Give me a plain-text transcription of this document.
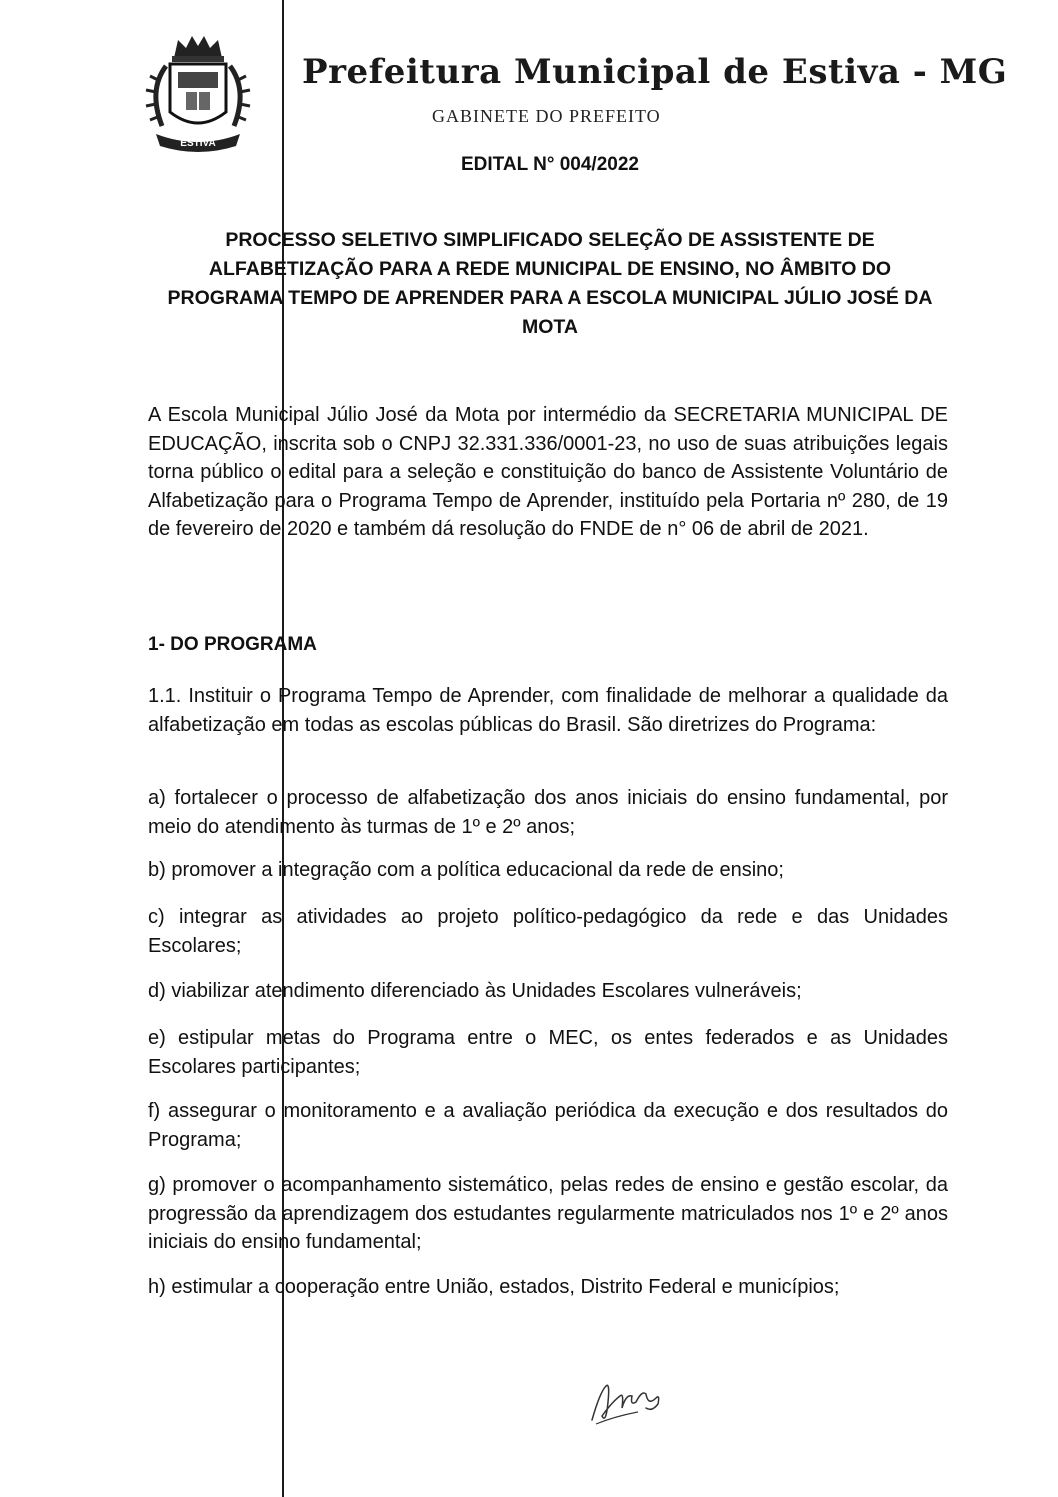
ESTIVA
Prefeitura Municipal de Estiva - MG
GABINETE DO PREFEITO
EDITAL N° 004/2022
PROCESSO SELETIVO SIMPLIFICADO SELEÇÃO DE ASSISTENTE DE ALFABETIZAÇÃO PARA A REDE MUNICIPAL DE ENSINO, NO ÂMBITO DO PROGRAMA TEMPO DE APRENDER PARA A ESCOLA MUNICIPAL JÚLIO JOSÉ DA MOTA
A Escola Municipal Júlio José da Mota por intermédio da SECRETARIA MUNICIPAL DE EDUCAÇÃO, inscrita sob o CNPJ 32.331.336/0001-23, no uso de suas atribuições legais torna público o edital para a seleção e constituição do banco de Assistente Voluntário de Alfabetização para o Programa Tempo de Aprender, instituído pela Portaria nº 280, de 19 de fevereiro de 2020 e também dá resolução do FNDE de n° 06 de abril de 2021.
1- DO PROGRAMA
1.1. Instituir o Programa Tempo de Aprender, com finalidade de melhorar a qualidade da alfabetização em todas as escolas públicas do Brasil. São diretrizes do Programa:
a) fortalecer o processo de alfabetização dos anos iniciais do ensino fundamental, por meio do atendimento às turmas de 1º e 2º anos;
b) promover a integração com a política educacional da rede de ensino;
c) integrar as atividades ao projeto político-pedagógico da rede e das Unidades Escolares;
d) viabilizar atendimento diferenciado às Unidades Escolares vulneráveis;
e) estipular metas do Programa entre o MEC, os entes federados e as Unidades Escolares participantes;
f) assegurar o monitoramento e a avaliação periódica da execução e dos resultados do Programa;
g) promover o acompanhamento sistemático, pelas redes de ensino e gestão escolar, da progressão da aprendizagem dos estudantes regularmente matriculados nos 1º e 2º anos iniciais do ensino fundamental;
h) estimular a cooperação entre União, estados, Distrito Federal e municípios;
